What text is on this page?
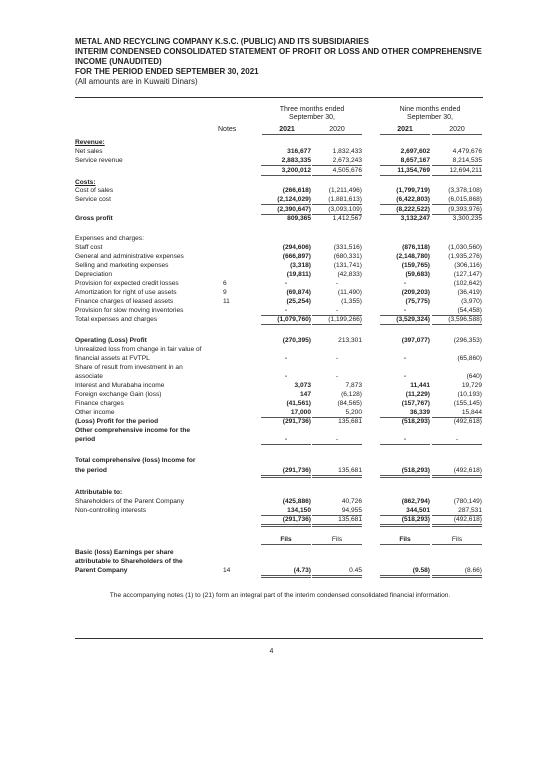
METAL AND RECYCLING COMPANY K.S.C. (PUBLIC) AND ITS SUBSIDIARIES
INTERIM CONDENSED CONSOLIDATED STATEMENT OF PROFIT OR LOSS AND OTHER COMPREHENSIVE
INCOME (UNAUDITED)
FOR THE PERIOD ENDED SEPTEMBER 30, 2021
(All amounts are in Kuwaiti Dinars)
Three months ended
September 30,
Nine months ended
September 30,
Notes	2021	2020	2021	2020
Revenue:
Net sales	316,677	1,832,433	2,697,602	4,479,676
Service revenue	2,883,335	2,673,243	8,657,167	8,214,535
3,200,012	4,505,676	11,354,769	12,694,211
Costs:
Cost of sales	(266,618)	(1,211,496)	(1,799,719)	(3,378,108)
Service cost	(2,124,029)	(1,881,613)	(6,422,803)	(6,015,868)
(2,390,647)	(3,093,109)	(8,222,522)	(9,393,976)
Gross profit	809,365	1,412,567	3,132,247	3,300,235
Expenses and charges:
Staff cost	(294,606)	(331,516)	(876,118)	(1,030,560)
General and administrative expenses	(666,897)	(680,331)	(2,148,780)	(1,935,276)
Selling and marketing expenses	(3,318)	(131,741)	(159,765)	(306,116)
Depreciation	(19,811)	(42,833)	(59,683)	(127,147)
Provision for expected credit losses	6	-	-	-	(102,642)
Amortization for right of use assets	9	(69,874)	(11,490)	(209,203)	(36,419)
Finance charges of leased assets	11	(25,254)	(1,355)	(75,775)	(3,970)
Provision for slow moving inventories	-	-	-	(54,458)
Total expenses and charges	(1,079,760)	(1,199,266)	(3,529,324)	(3,596,588)
Operating (Loss) Profit	(270,395)	213,301	(397,077)	(296,353)
Unrealized loss from change in fair value of
financial assets at FVTPL	-	-	-	(65,860)
Share of result from investment in an
associate	-	-	-	(640)
Interest and Murabaha income	3,073	7,873	11,441	19,729
Foreign exchange Gain (loss)	147	(6,128)	(11,229)	(10,193)
Finance charges	(41,561)	(84,565)	(157,767)	(155,145)
Other income	17,000	5,200	36,339	15,844
(Loss) Profit for the period	(291,736)	135,681	(518,293)	(492,618)
Other comprehensive income for the
period	-	-	-	-
Total comprehensive (loss) Income for
the period	(291,736)	135,681	(518,293)	(492,618)
Attributable to:
Shareholders of the Parent Company	(425,886)	40,726	(862,794)	(780,149)
Non-controlling interests	134,150	94,955	344,501	287,531
(291,736)	135,681	(518,293)	(492,618)
Fils	Fils	Fils	Fils
Basic (loss) Earnings per share
attributable to Shareholders of the
Parent Company	14	(4.73)	0.45	(9.58)	(8.66)
The accompanying notes (1) to (21) form an integral part of the interim condensed consolidated financial information.
4
